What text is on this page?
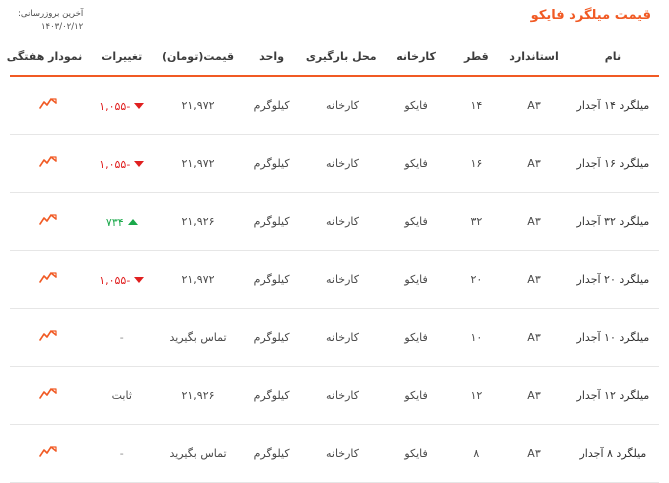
قیمت میلگرد فایکو
آخرین بروزرسانی:
۱۴۰۳/۰۲/۱۲
نام	استاندارد	قطر	کارخانه	محل بارگیری	واحد	قیمت(تومان)	تغییرات	نمودار هفتگی
میلگرد ۱۴ آجدار	A۳	۱۴	فایکو	کارخانه	کیلوگرم	۲۱,۹۷۲	-۱,۰۵۵

میلگرد ۱۶ آجدار	A۳	۱۶	فایکو	کارخانه	کیلوگرم	۲۱,۹۷۲	-۱,۰۵۵

میلگرد ۳۲ آجدار	A۳	۳۲	فایکو	کارخانه	کیلوگرم	۲۱,۹۲۶	۷۳۴

میلگرد ۲۰ آجدار	A۳	۲۰	فایکو	کارخانه	کیلوگرم	۲۱,۹۷۲	-۱,۰۵۵

میلگرد ۱۰ آجدار	A۳	۱۰	فایکو	کارخانه	کیلوگرم	تماس بگیرید	-

میلگرد ۱۲ آجدار	A۳	۱۲	فایکو	کارخانه	کیلوگرم	۲۱,۹۲۶	ثابت

میلگرد ۸ آجدار	A۳	۸	فایکو	کارخانه	کیلوگرم	تماس بگیرید	-
